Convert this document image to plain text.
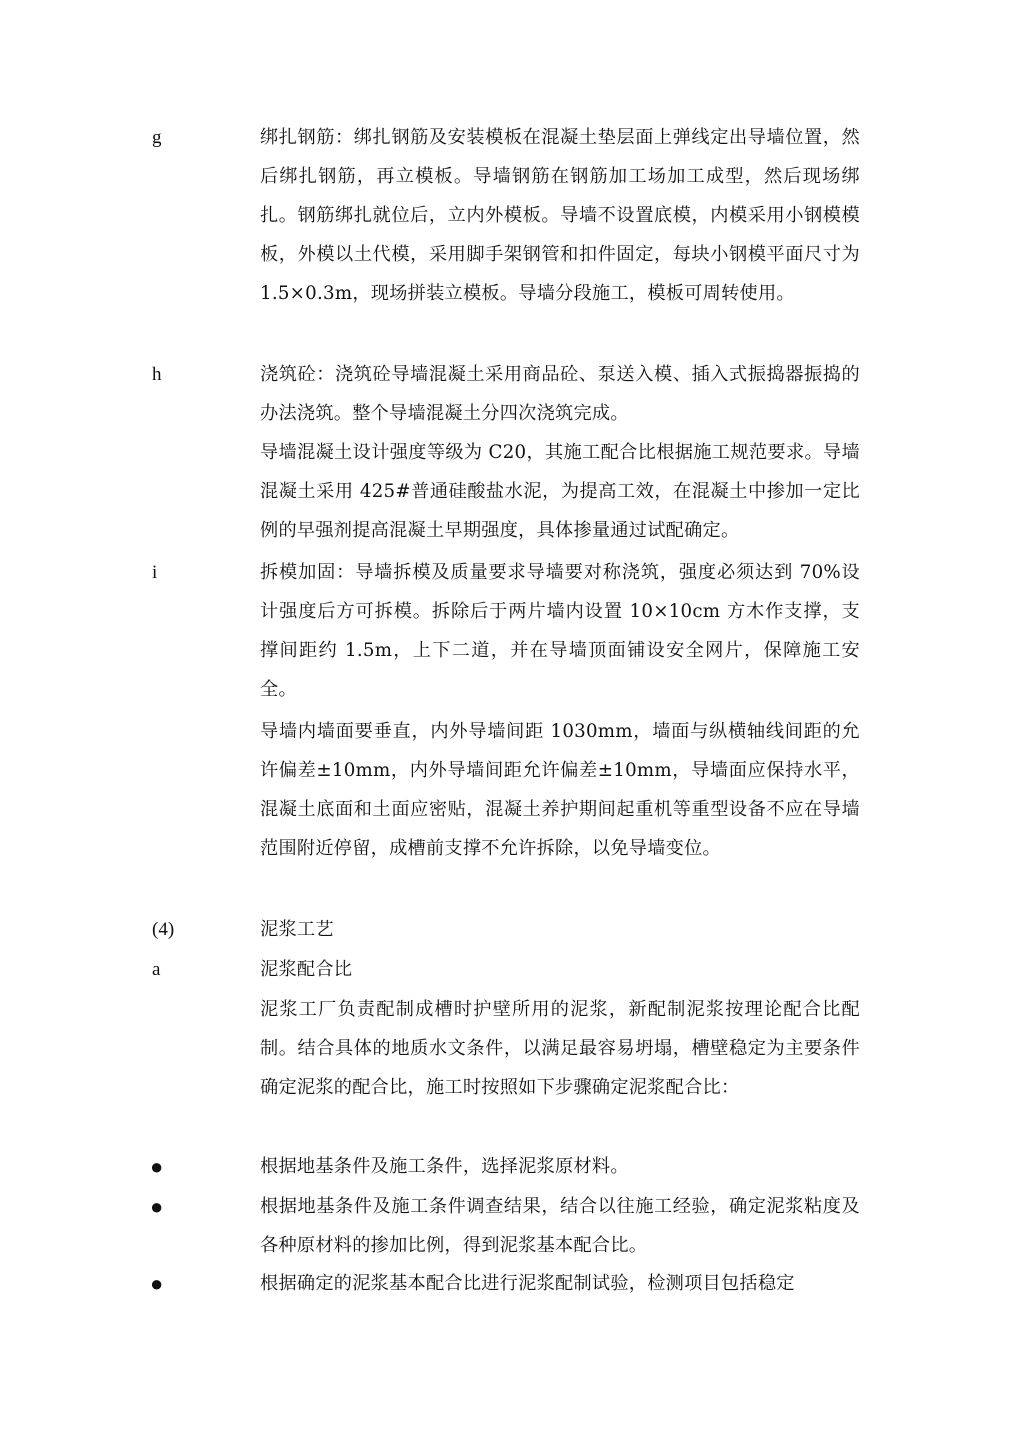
g	绑扎钢筋：绑扎钢筋及安装模板在混凝土垫层面上弹线定出导墙位置，然后绑扎钢筋，再立模板。导墙钢筋在钢筋加工场加工成型，然后现场绑扎。钢筋绑扎就位后，立内外模板。导墙不设置底模，内模采用小钢模模板，外模以土代模，采用脚手架钢管和扣件固定，每块小钢模平面尺寸为 1.5×0.3m，现场拼装立模板。导墙分段施工，模板可周转使用。
h	浇筑砼：浇筑砼导墙混凝土采用商品砼、泵送入模、插入式振捣器振捣的办法浇筑。整个导墙混凝土分四次浇筑完成。
导墙混凝土设计强度等级为 C20，其施工配合比根据施工规范要求。导墙混凝土采用 425#普通硅酸盐水泥，为提高工效，在混凝土中掺加一定比例的早强剂提高混凝土早期强度，具体掺量通过试配确定。
i	拆模加固：导墙拆模及质量要求导墙要对称浇筑，强度必须达到 70%设计强度后方可拆模。拆除后于两片墙内设置 10×10cm 方木作支撑，支撑间距约 1.5m，上下二道，并在导墙顶面铺设安全网片，保障施工安全。
导墙内墙面要垂直，内外导墙间距 1030mm，墙面与纵横轴线间距的允许偏差±10mm，内外导墙间距允许偏差±10mm，导墙面应保持水平，混凝土底面和土面应密贴，混凝土养护期间起重机等重型设备不应在导墙范围附近停留，成槽前支撑不允许拆除，以免导墙变位。
(4)	泥浆工艺
a	泥浆配合比
泥浆工厂负责配制成槽时护壁所用的泥浆，新配制泥浆按理论配合比配制。结合具体的地质水文条件，以满足最容易坍塌，槽壁稳定为主要条件确定泥浆的配合比，施工时按照如下步骤确定泥浆配合比：
●	根据地基条件及施工条件，选择泥浆原材料。
●	根据地基条件及施工条件调查结果，结合以往施工经验，确定泥浆粘度及各种原材料的掺加比例，得到泥浆基本配合比。
●	根据确定的泥浆基本配合比进行泥浆配制试验，检测项目包括稳定
